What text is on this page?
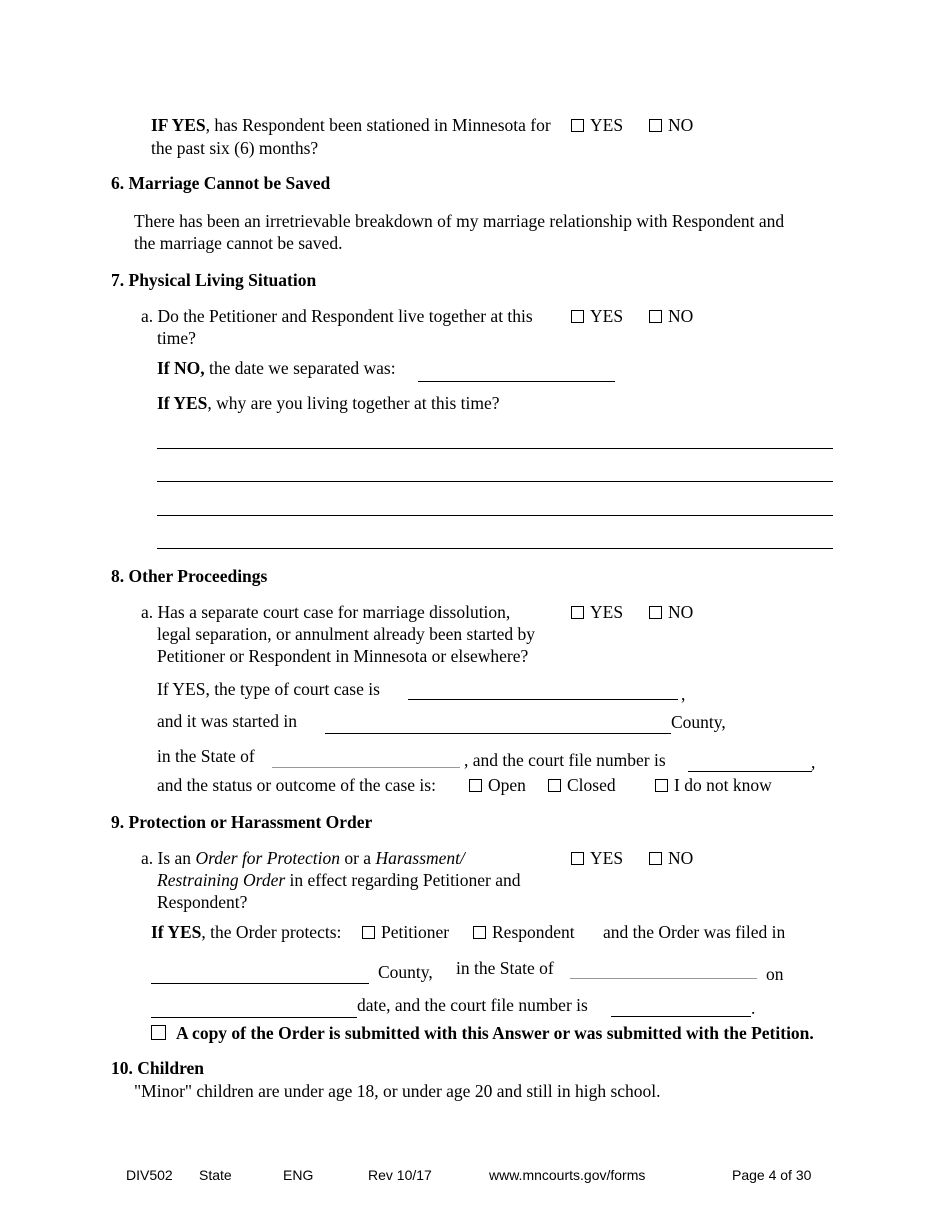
IF YES, has Respondent been stationed in Minnesota for
the past six (6) months?
YES	NO
6. Marriage Cannot be Saved
There has been an irretrievable breakdown of my marriage relationship with Respondent and
the marriage cannot be saved.
7. Physical Living Situation
a. Do the Petitioner and Respondent live together at this
time?
YES	NO
If NO, the date we separated was:
If YES, why are you living together at this time?
8. Other Proceedings
a. Has a separate court case for marriage dissolution,
legal separation, or annulment already been started by
Petitioner or Respondent in Minnesota or elsewhere?
YES	NO
If YES, the type of court case is	,
and it was started in	County,
in the State of	, and the court file number is	,
and the status or outcome of the case is:	Open	Closed	I do not know
9. Protection or Harassment Order
a. Is an Order for Protection or a Harassment/
Restraining Order in effect regarding Petitioner and
Respondent?
YES	NO
If YES, the Order protects:	Petitioner	Respondent and the Order was filed in
County, in the State of	on
date, and the court file number is	.
A copy of the Order is submitted with this Answer or was submitted with the Petition.
10. Children
"Minor" children are under age 18, or under age 20 and still in high school.
DIV502 State	ENG	Rev 10/17	www.mncourts.gov/forms	Page 4 of 30
